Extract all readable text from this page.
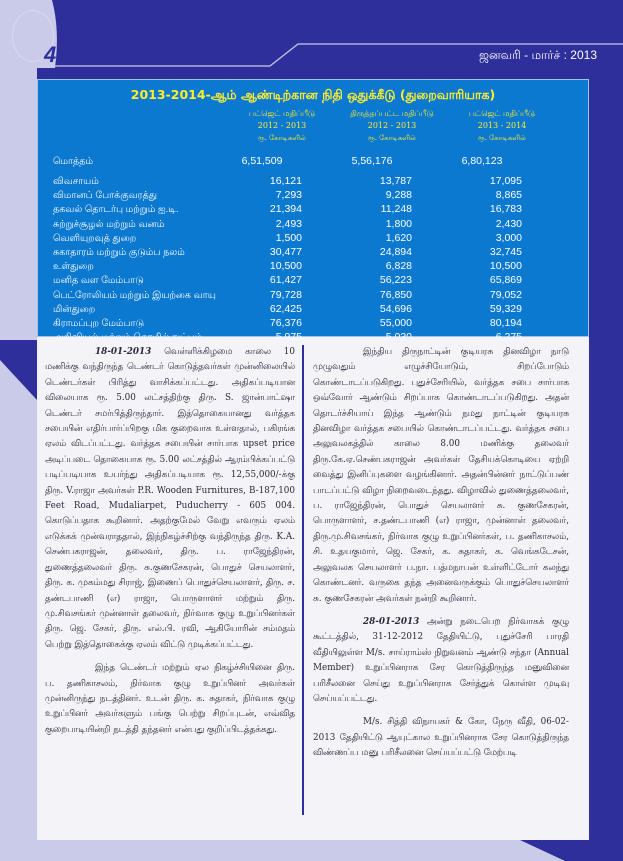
4	ஜனவரி - மார்ச் : 2013
2013-2014-ஆம் ஆண்டிற்கான நிதி ஒதுக்கீடு (துறைவாரியாக)
பட்ஜெட் மதிப்பீடு
2012 - 2013
ரூ. கோடிகளில்
திருத்தப்பட்ட மதிப்பீடு
2012 - 2013
ரூ. கோடிகளில்
பட்ஜெட் மதிப்பீடு
2013 - 2014
ரூ. கோடிகளில்
மொத்தம்	6,51,509	5,56,176	6,80,123
விவசாயம்	16,121	13,787	17,095
விமானப் போக்குவரத்து	7,293	9,288	8,865
தகவல் தொடர்பு மற்றும் ஐ.டி.	21,394	11,248	16,783
சுற்றுச்சூழல் மற்றும் வனம்	2,493	1,800	2,430
வெளியுறவுத் துறை	1,500	1,620	3,000
சுகாதாரம் மற்றும் குடும்ப நலம்	30,477	24,894	32,745
உள்துறை	10,500	6,828	10,500
மனித வள மேம்பாடு	61,427	56,223	65,869
பெட்ரோலியம் மற்றும் இயற்கை வாயு	79,728	76,850	79,052
மின்துறை	62,425	54,696	59,329
கிராமப்புற மேம்பாடு	76,376	55,000	80,194

18-01-2013 வெள்ளிக்கிழமை காலை 10 மணிக்கு வந்திருந்த டெண்டர் கொடுத்தவர்கள் முன்னிலையில் டெண்டர்கள் பிரித்து வாசிக்கப்பட்டது. அதிகப்படியான விலையாக ரூ. 5.00 லட்சத்திற்கு திரு. S. ஜான்பாட்ஷா டெண்டர் சமர்பித்திருந்தார். இத்தொகையானது வர்த்தக சபையின் எதிர்பார்ப்பிறகு மிக குறைவாக உள்ளதால், பகிரங்க ஏலம் விடப்பட்டது. வர்த்தக சபையின் சார்பாக upset price அடிப்படை தொகையாக ரூ. 5.00 லட்சத்தில் ஆரம்பிக்கப்பட்டு படிப்படியாக உயர்ந்து அதிகப்படியாக ரூ. 12,55,000/-க்கு திரு. V.ராஜா அவர்கள் P.R. Wooden Furnitures, B-187,100 Feet Road, Mudaliarpet, Puducherry - 605 004. கொடுப்பதாக கூறினார். அதற்குமேல் வேறு எவரும் ஏலம் எடுக்கக் முன்வராததால், இந்நிகழ்ச்சிற்கு வந்திருந்த திரு. K.A. செண்பகராஜன், தலைவர், திரு. ப. ராஜேந்திரன், துணைத்தலைவர் திரு. சு.குணசேகரன், பொதுச் செயலாளர், திரு. க. முகம்மது சிராஜ், இணைப் பொதுச்செயலாளர், திரு. ச. தண்டபாணி (எ) ராஜா, பொருளாளர் மற்றும் திரு. மு.சிவசங்கர் முன்னாள் தலைவர், நிர்வாக குழு உறுப்பினர்கள் திரு. ஜெ. சேகர், திரு. எல்.பி. ரவி, ஆகியோரின் சம்மதம் பெற்று இத்தொகைக்கு ஏலம் விட்டு முடிக்கப்பட்டது.

இந்த டெண்டர் மற்றும் ஏல நிகழ்ச்சியினை திரு. ப. தணிகாசலம், நிர்வாக குழு உறுப்பினர் அவர்கள் முன்னிருந்து நடத்தினர். உடன் திரு. க. சுதாகர், நிர்வாக குழு உறுப்பினர் அவர்களும் பங்கு பெற்று சிறப்புடன், எவ்வித குறைபாடியின்றி நடத்தி தந்தனர் என்பது குறிப்பிடத்தக்கது.

இந்திய திருநாட்டின் குடியரசு தினவிழா நாடு முழுவதும் எழுச்சியோடும், சிறப்போடும் கொண்டாடப்படுகிறது. புதுச்சேரியில், வர்த்தக சபை சார்பாக ஒவ்வோர் ஆண்டும் சிறப்பாக கொண்டாடப்படுகிறது. அதன் தொடர்ச்சியாய் இந்த ஆண்டும் நமது நாட்டின் குடியரசு தினவிழா வர்த்தக சபையில் கொண்டாடப்பட்டது. வர்த்தக சபை அலுவலகத்தில் காலை 8.00 மணிக்கு தலைவர் திரு.கே.ஏ.செண்பகராஜன் அவர்கள் தேசியக்கொடியை ஏற்றி வைத்து இனிப்புகளை வழங்கினார். அதன்பின்னர் நாட்டுப்பண் பாடப்பட்டு விழா நிறைவடைந்தது. விழாவில் துணைத்தலைவர், ப. ராஜேந்திரன், பொதுச் செயலாளர் சு. குணசேகரன், பொருளாளர், ச.தண்டபாணி (எ) ராஜா, முன்னாள் தலைவர், திரு.மு.சிவசங்கர், நிர்வாக குழு உறுப்பினர்கள், ப. தணிகாசலம், சி. உதயகுமார், ஜெ. சேகர், க. சுதாகர், க. வெங்கடேசன், அலுவலக செயலாளர் ப.நா. பத்மநாபன் உள்ளிட்டோர் கலந்து கொண்டனர். வருகை தந்த அனைவருக்கும் பொதுச்செயலாளர் சு. குணசேகரன் அவர்கள் நன்றி கூறினார்.

28-01-2013 அன்று நடைபெற நிர்வாகக் குழு கூட்டத்தில், 31-12-2012 தேதியிட்டு, புதுச்சேரி பாரதி வீதியிலுள்ள M/s. சாய்ராம்ஸ் நிறுவனம் ஆண்டு சந்தா (Annual Member) உறுப்பினராக சேர கொடுத்திருந்த மனுவினை பரிசீலனை செய்து உறுப்பினராக சேர்த்துக் கொள்ள முடிவு செய்யப்பட்டது.

M/s. சித்தி விநாயகர் & கோ, நேரு வீதி, 06-02-2013 தேதியிட்டு ஆயுட்கால உறுப்பினராக சேர கொடுத்திருந்த விண்ணப்ப மனு பரிசீலனை செய்யப்பட்டு மேற்படி
